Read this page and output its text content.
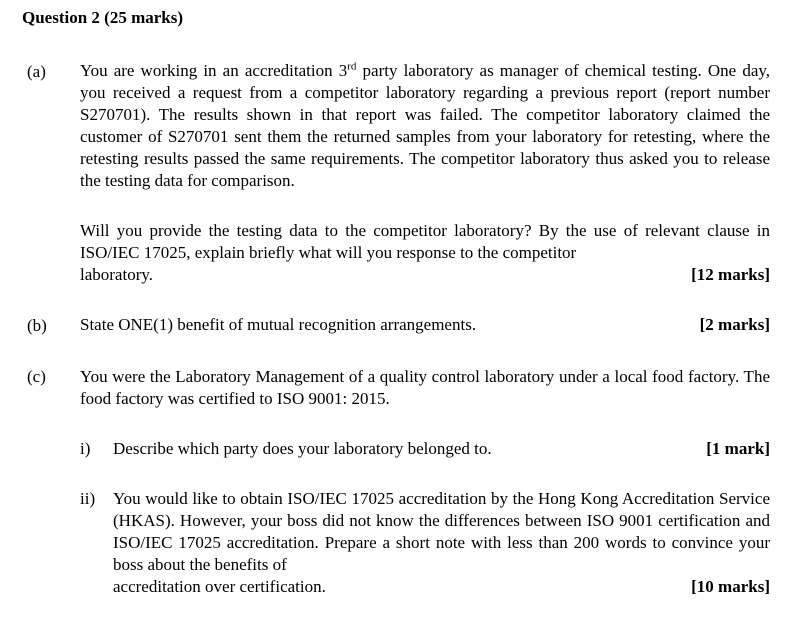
Question 2 (25 marks)
(a) You are working in an accreditation 3rd party laboratory as manager of chemical testing. One day, you received a request from a competitor laboratory regarding a previous report (report number S270701). The results shown in that report was failed. The competitor laboratory claimed the customer of S270701 sent them the returned samples from your laboratory for retesting, where the retesting results passed the same requirements. The competitor laboratory thus asked you to release the testing data for comparison.
Will you provide the testing data to the competitor laboratory? By the use of relevant clause in ISO/IEC 17025, explain briefly what will you response to the competitor
laboratory.	[12 marks]
(b) State ONE(1) benefit of mutual recognition arrangements.	[2 marks]
(c) You were the Laboratory Management of a quality control laboratory under a local food factory. The food factory was certified to ISO 9001: 2015.
i) Describe which party does your laboratory belonged to.	[1 mark]
ii) You would like to obtain ISO/IEC 17025 accreditation by the Hong Kong Accreditation Service (HKAS). However, your boss did not know the differences between ISO 9001 certification and ISO/IEC 17025 accreditation. Prepare a short note with less than 200 words to convince your boss about the benefits of
accreditation over certification.	[10 marks]
